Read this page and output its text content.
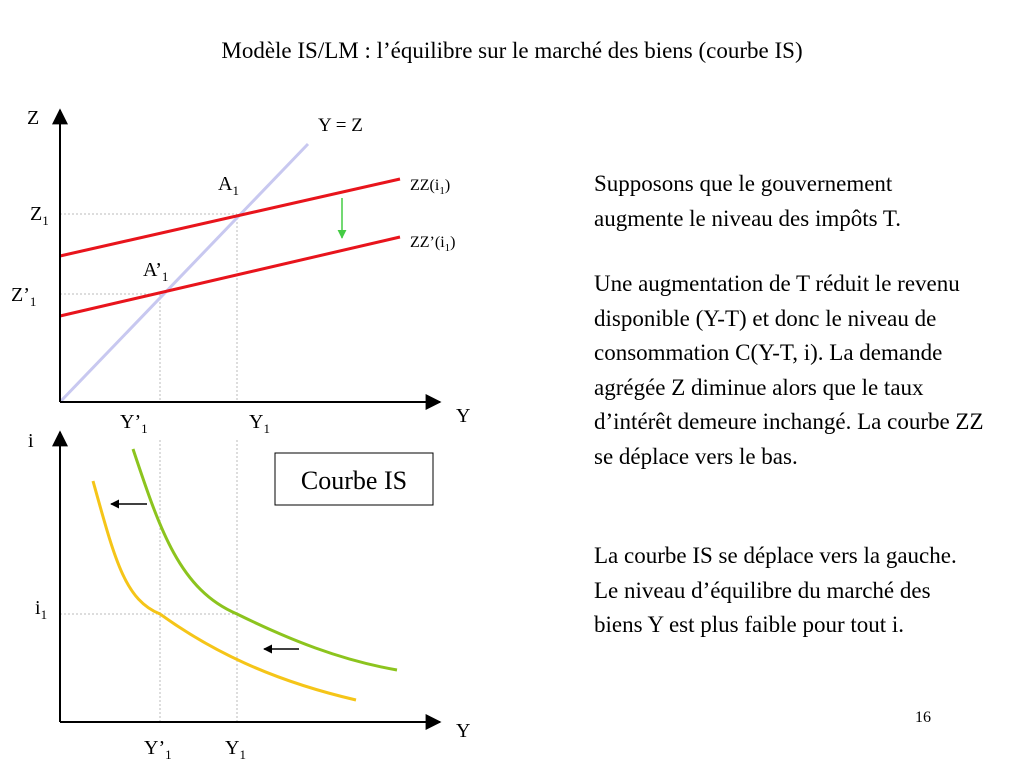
Modèle IS/LM : l’équilibre sur le marché des biens (courbe IS)
Z
Y
Y = Z
$ZZ(i_1)$
$ZZ’(i_1)$
$A_1$
$A’_1$
$Z_1$
$Z’_1$
$Y’_1$	$Y_1$
Courbe IS
i
Y
$i_1$
$Y’_1$	$Y_1$

Supposons que le gouvernement augmente le niveau des impôts T.

Une augmentation de T réduit le revenu disponible (Y-T) et donc le niveau de consommation C(Y-T, i). La demande agrégée Z diminue alors que le taux d’intérêt demeure inchangé. La courbe ZZ se déplace vers le bas.

La courbe IS se déplace vers la gauche. Le niveau d’équilibre du marché des biens Y est plus faible pour tout i.

16
